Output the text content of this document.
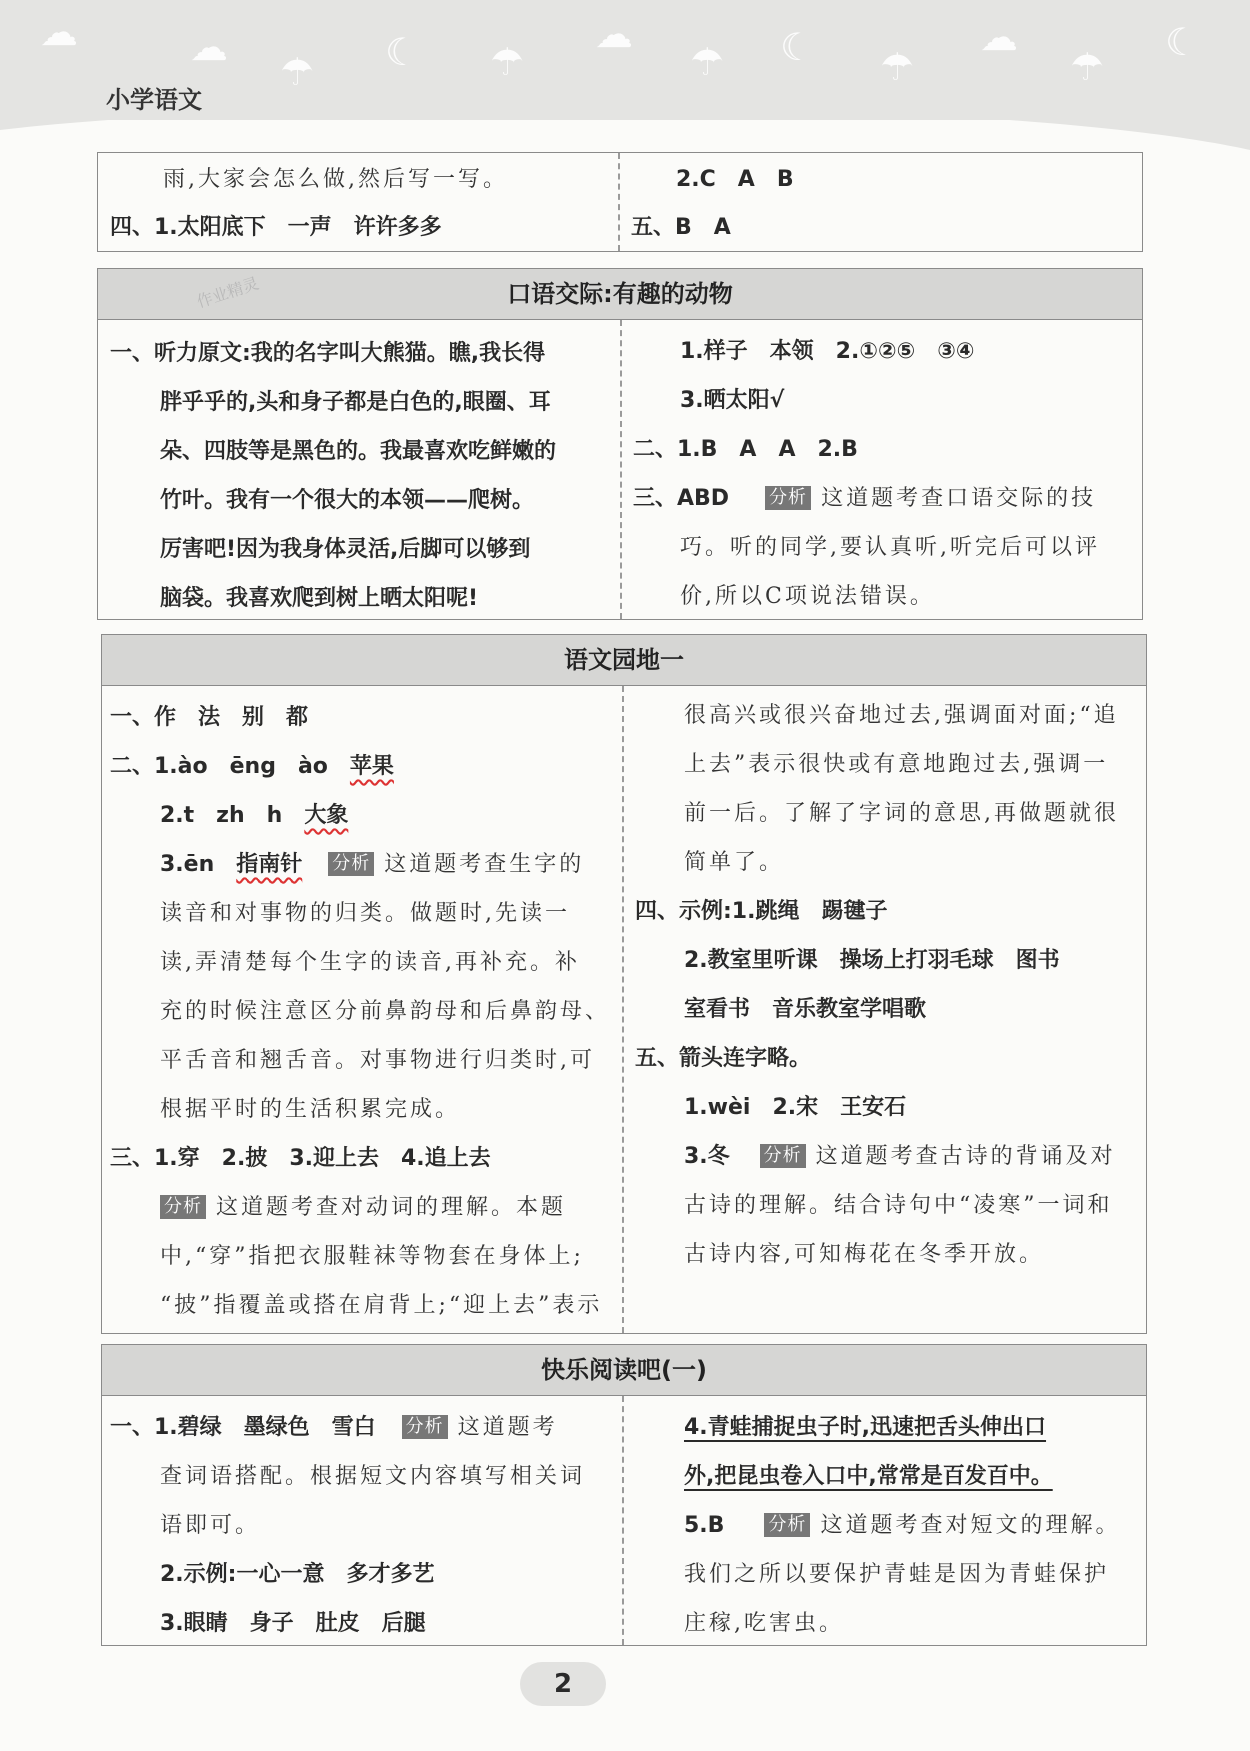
☁	☁
☂ ☾ ☂
☁
☂ ☾ ☂
☁
☂
☾
小学语文
雨,大家会怎么做,然后写一写。
四、1.太阳底下　一声　许许多多
2.C　A　B
五、B　A
口语交际:有趣的动物
一、听力原文:我的名字叫大熊猫。瞧,我长得
胖乎乎的,头和身子都是白色的,眼圈、耳
朵、四肢等是黑色的。我最喜欢吃鲜嫩的
竹叶。我有一个很大的本领——爬树。
厉害吧!因为我身体灵活,后脚可以够到
脑袋。我喜欢爬到树上晒太阳呢!
1.样子　本领　2.①②⑤　③④
3.晒太阳√
二、1.B　A　A　2.B
三、ABD 分析 这道题考查口语交际的技
巧。听的同学,要认真听,听完后可以评
价,所以C项说法错误。
作业精灵
语文园地一
一、作　法　别　都
二、1.ào　ēng　ào　苹果
2.t　zh　h　大象
3.ēn　指南针 分析 这道题考查生字的
读音和对事物的归类。做题时,先读一
读,弄清楚每个生字的读音,再补充。补
充的时候注意区分前鼻韵母和后鼻韵母、
平舌音和翘舌音。对事物进行归类时,可
根据平时的生活积累完成。
三、1.穿　2.披　3.迎上去　4.追上去
分析 这道题考查对动词的理解。本题
中,“穿”指把衣服鞋袜等物套在身体上;
“披”指覆盖或搭在肩背上;“迎上去”表示
很高兴或很兴奋地过去,强调面对面;“追
上去”表示很快或有意地跑过去,强调一
前一后。了解了字词的意思,再做题就很
简单了。
四、示例:1.跳绳　踢毽子
2.教室里听课　操场上打羽毛球　图书
室看书　音乐教室学唱歌
五、箭头连字略。
1.wèi　2.宋　王安石
3.冬 分析 这道题考查古诗的背诵及对
古诗的理解。结合诗句中“凌寒”一词和
古诗内容,可知梅花在冬季开放。
快乐阅读吧(一)
一、1.碧绿　墨绿色　雪白 分析 这道题考
查词语搭配。根据短文内容填写相关词
语即可。
2.示例:一心一意　多才多艺
3.眼睛　身子　肚皮　后腿
4.青蛙捕捉虫子时,迅速把舌头伸出口
外,把昆虫卷入口中,常常是百发百中。
5.B 分析 这道题考查对短文的理解。
我们之所以要保护青蛙是因为青蛙保护
庄稼,吃害虫。
2
